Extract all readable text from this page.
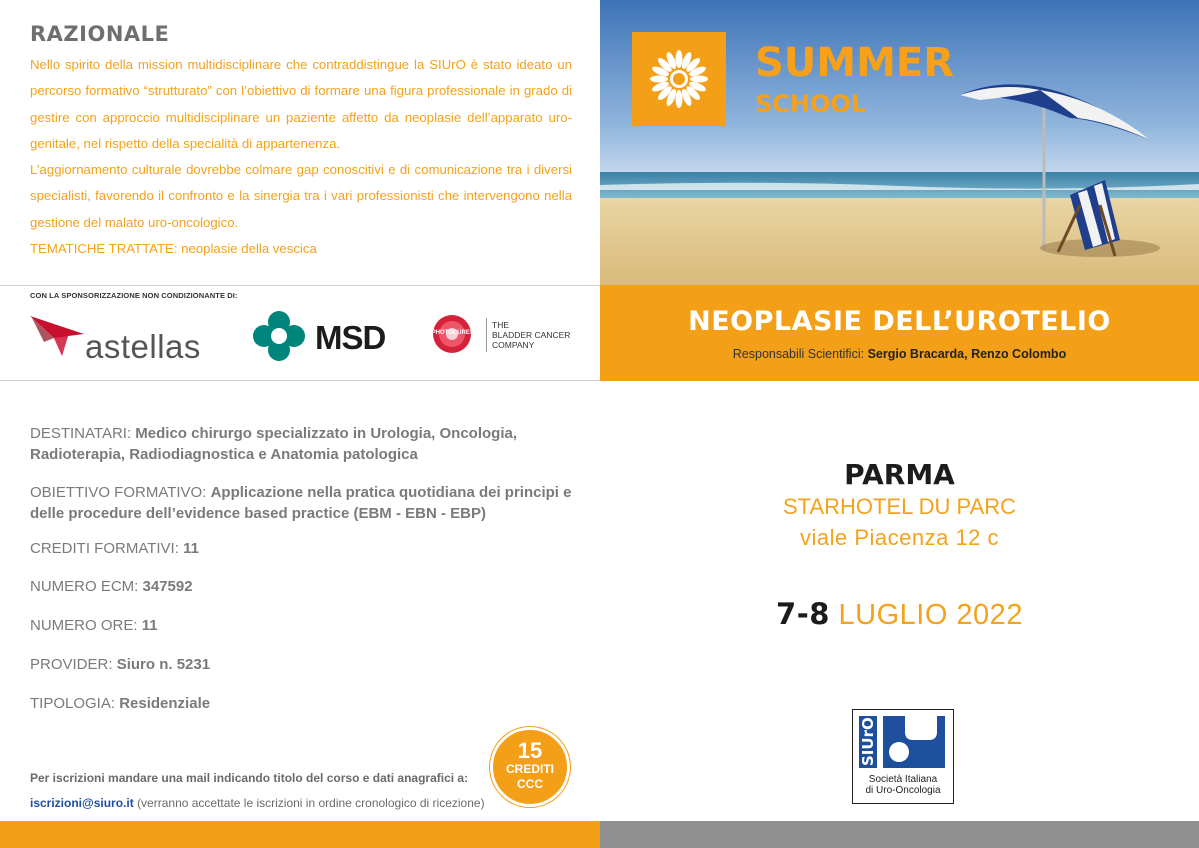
RAZIONALE

Nello spirito della mission multidisciplinare che contraddistingue la SIUrO è stato ideato un percorso formativo “strutturato” con l’obiettivo di formare una figura professionale in grado di gestire con approccio multidisciplinare un paziente affetto da neoplasie dell’apparato uro-genitale, nel rispetto della specialità di appartenenza.

L’aggiornamento culturale dovrebbe colmare gap conoscitivi e di comunicazione tra i diversi specialisti, favorendo il confronto e la sinergia tra i vari professionisti che intervengono nella gestione del malato uro-oncologico.

TEMATICHE TRATTATE: neoplasie della vescica

CON LA SPONSORIZZAZIONE NON CONDIZIONANTE DI:
astellas	MSD	PHOTOCURE®
THE
BLADDER CANCER
COMPANY
SUMMER
SCHOOL
NEOPLASIE DELL’UROTELIO
Responsabili Scientifici: Sergio Bracarda, Renzo Colombo
DESTINATARI: Medico chirurgo specializzato in Urologia, Oncologia, Radioterapia, Radiodiagnostica e Anatomia patologica
OBIETTIVO FORMATIVO: Applicazione nella pratica quotidiana dei principi e delle procedure dell’evidence based practice (EBM - EBN - EBP)
CREDITI FORMATIVI: 11
NUMERO ECM: 347592
NUMERO ORE: 11
PROVIDER: Siuro n. 5231
TIPOLOGIA: Residenziale
Per iscrizioni mandare una mail indicando titolo del corso e dati anagrafici a:
iscrizioni@siuro.it (verranno accettate le iscrizioni in ordine cronologico di ricezione)
15
CREDITI
CCC
PARMA
STARHOTEL DU PARC
viale Piacenza 12 c
7-8 LUGLIO 2022
SIUrO
Società Italiana
di Uro-Oncologia
